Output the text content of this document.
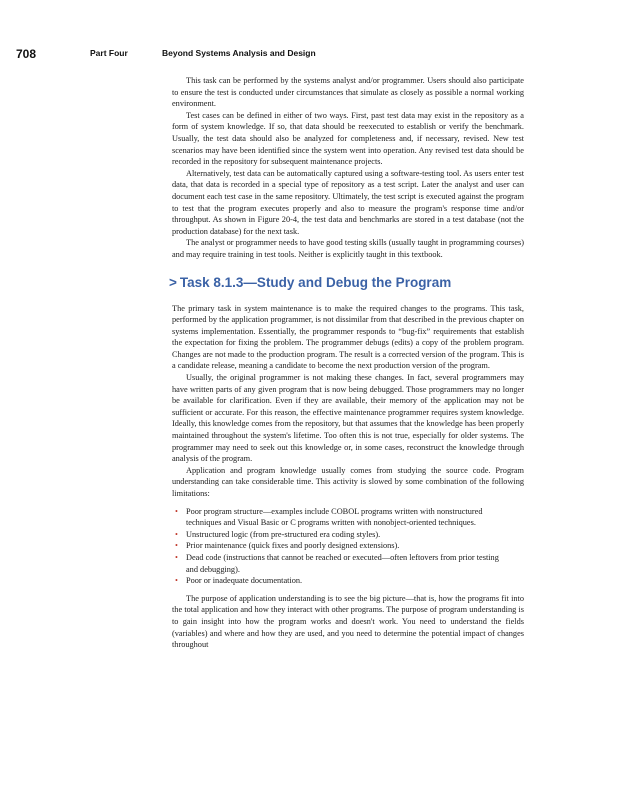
708	Part Four	Beyond Systems Analysis and Design

This task can be performed by the systems analyst and/or programmer. Users should also participate to ensure the test is conducted under circumstances that simulate as closely as possible a normal working environment.

Test cases can be defined in either of two ways. First, past test data may exist in the repository as a form of system knowledge. If so, that data should be reexecuted to establish or verify the benchmark. Usually, the test data should also be analyzed for completeness and, if necessary, revised. New test scenarios may have been identified since the system went into operation. Any revised test data should be recorded in the repository for subsequent maintenance projects.

Alternatively, test data can be automatically captured using a software-testing tool. As users enter test data, that data is recorded in a special type of repository as a test script. Later the analyst and user can document each test case in the same repository. Ultimately, the test script is executed against the program to test that the program executes properly and also to measure the program's response time and/or throughput. As shown in Figure 20-4, the test data and benchmarks are stored in a test database (not the production database) for the next task.

The analyst or programmer needs to have good testing skills (usually taught in programming courses) and may require training in test tools. Neither is explicitly taught in this textbook.

> Task 8.1.3—Study and Debug the Program

The primary task in system maintenance is to make the required changes to the programs. This task, performed by the application programmer, is not dissimilar from that described in the previous chapter on systems implementation. Essentially, the programmer responds to “bug-fix” requirements that establish the expectation for fixing the problem. The programmer debugs (edits) a copy of the problem program. Changes are not made to the production program. The result is a corrected version of the program. This is a candidate release, meaning a candidate to become the next production version of the program.

Usually, the original programmer is not making these changes. In fact, several programmers may have written parts of any given program that is now being debugged. Those programmers may no longer be available for clarification. Even if they are available, their memory of the application may not be sufficient or accurate. For this reason, the effective maintenance programmer requires system knowledge. Ideally, this knowledge comes from the repository, but that assumes that the knowledge has been properly maintained throughout the system's lifetime. Too often this is not true, especially for older systems. The programmer may need to seek out this knowledge or, in some cases, reconstruct the knowledge through analysis of the program.

Application and program knowledge usually comes from studying the source code. Program understanding can take considerable time. This activity is slowed by some combination of the following limitations:

• Poor program structure—examples include COBOL programs written with nonstructured techniques and Visual Basic or C programs written with nonobject-oriented techniques.
• Unstructured logic (from pre-structured era coding styles).
• Prior maintenance (quick fixes and poorly designed extensions).
• Dead code (instructions that cannot be reached or executed—often leftovers from prior testing and debugging).
• Poor or inadequate documentation.

The purpose of application understanding is to see the big picture—that is, how the programs fit into the total application and how they interact with other programs. The purpose of program understanding is to gain insight into how the program works and doesn't work. You need to understand the fields (variables) and where and how they are used, and you need to determine the potential impact of changes throughout
